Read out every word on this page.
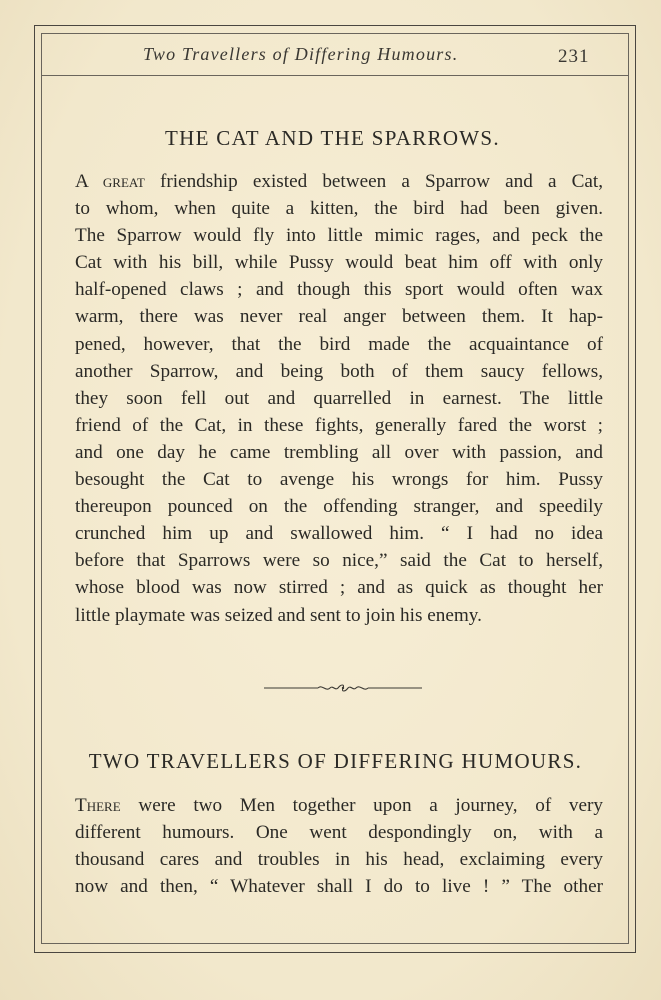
Two Travellers of Differing Humours.	231
THE CAT AND THE SPARROWS.
A great friendship existed between a Sparrow and a Cat,
to whom, when quite a kitten, the bird had been given.
The Sparrow would fly into little mimic rages, and peck the
Cat with his bill, while Pussy would beat him off with only
half-opened claws ; and though this sport would often wax
warm, there was never real anger between them. It hap-
pened, however, that the bird made the acquaintance of
another Sparrow, and being both of them saucy fellows,
they soon fell out and quarrelled in earnest. The little
friend of the Cat, in these fights, generally fared the worst ;
and one day he came trembling all over with passion, and
besought the Cat to avenge his wrongs for him. Pussy
thereupon pounced on the offending stranger, and speedily
crunched him up and swallowed him. “ I had no idea
before that Sparrows were so nice,” said the Cat to herself,
whose blood was now stirred ; and as quick as thought her
little playmate was seized and sent to join his enemy.
TWO TRAVELLERS OF DIFFERING HUMOURS.
There were two Men together upon a journey, of very
different humours. One went despondingly on, with a
thousand cares and troubles in his head, exclaiming every
now and then, “ Whatever shall I do to live ! ” The other
